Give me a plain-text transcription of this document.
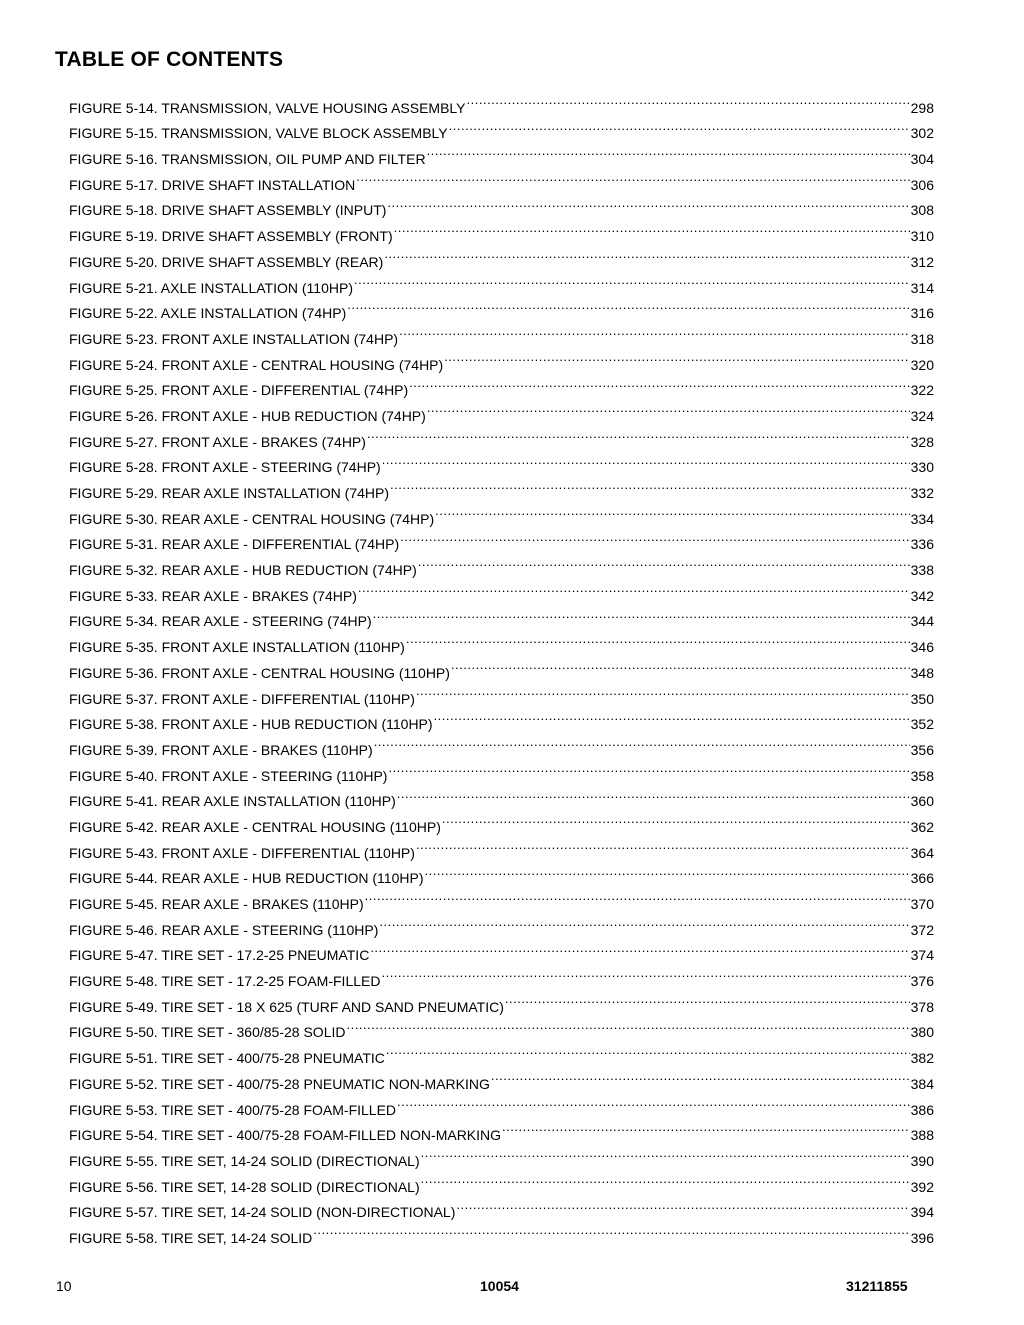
TABLE OF CONTENTS
FIGURE 5-14. TRANSMISSION, VALVE HOUSING ASSEMBLY .....	298
FIGURE 5-15. TRANSMISSION, VALVE BLOCK ASSEMBLY .....	302
FIGURE 5-16. TRANSMISSION, OIL PUMP AND FILTER .....	304
FIGURE 5-17. DRIVE SHAFT INSTALLATION .....	306
FIGURE 5-18. DRIVE SHAFT ASSEMBLY (INPUT) .....	308
FIGURE 5-19. DRIVE SHAFT ASSEMBLY (FRONT) .....	310
FIGURE 5-20. DRIVE SHAFT ASSEMBLY (REAR) .....	312
FIGURE 5-21. AXLE INSTALLATION (110HP) .....	314
FIGURE 5-22. AXLE INSTALLATION (74HP) .....	316
FIGURE 5-23. FRONT AXLE INSTALLATION (74HP) .....	318
FIGURE 5-24. FRONT AXLE - CENTRAL HOUSING (74HP) .....	320
FIGURE 5-25. FRONT AXLE - DIFFERENTIAL (74HP) .....	322
FIGURE 5-26. FRONT AXLE - HUB REDUCTION (74HP) .....	324
FIGURE 5-27. FRONT AXLE - BRAKES (74HP) .....	328
FIGURE 5-28. FRONT AXLE - STEERING (74HP) .....	330
FIGURE 5-29. REAR AXLE INSTALLATION (74HP) .....	332
FIGURE 5-30. REAR AXLE - CENTRAL HOUSING (74HP) .....	334
FIGURE 5-31. REAR AXLE - DIFFERENTIAL (74HP) .....	336
FIGURE 5-32. REAR AXLE - HUB REDUCTION (74HP) .....	338
FIGURE 5-33. REAR AXLE - BRAKES (74HP) .....	342
FIGURE 5-34. REAR AXLE - STEERING (74HP) .....	344
FIGURE 5-35. FRONT AXLE INSTALLATION (110HP) .....	346
FIGURE 5-36. FRONT AXLE - CENTRAL HOUSING (110HP) .....	348
FIGURE 5-37. FRONT AXLE - DIFFERENTIAL (110HP) .....	350
FIGURE 5-38. FRONT AXLE - HUB REDUCTION (110HP) .....	352
FIGURE 5-39. FRONT AXLE - BRAKES (110HP) .....	356
FIGURE 5-40. FRONT AXLE - STEERING (110HP) .....	358
FIGURE 5-41. REAR AXLE INSTALLATION (110HP) .....	360
FIGURE 5-42. REAR AXLE - CENTRAL HOUSING (110HP) .....	362
FIGURE 5-43. FRONT AXLE - DIFFERENTIAL (110HP) .....	364
FIGURE 5-44. REAR AXLE - HUB REDUCTION (110HP) .....	366
FIGURE 5-45. REAR AXLE - BRAKES (110HP) .....	370
FIGURE 5-46. REAR AXLE - STEERING (110HP) .....	372
FIGURE 5-47. TIRE SET - 17.2-25 PNEUMATIC .....	374
FIGURE 5-48. TIRE SET - 17.2-25 FOAM-FILLED .....	376
FIGURE 5-49. TIRE SET - 18 X 625 (TURF AND SAND PNEUMATIC) .....	378
FIGURE 5-50. TIRE SET - 360/85-28 SOLID .....	380
FIGURE 5-51. TIRE SET - 400/75-28 PNEUMATIC .....	382
FIGURE 5-52. TIRE SET - 400/75-28 PNEUMATIC NON-MARKING .....	384
FIGURE 5-53. TIRE SET - 400/75-28 FOAM-FILLED .....	386
FIGURE 5-54. TIRE SET - 400/75-28 FOAM-FILLED NON-MARKING .....	388
FIGURE 5-55. TIRE SET, 14-24 SOLID (DIRECTIONAL) .....	390
FIGURE 5-56. TIRE SET, 14-28 SOLID (DIRECTIONAL) .....	392
FIGURE 5-57. TIRE SET, 14-24 SOLID (NON-DIRECTIONAL) .....	394
FIGURE 5-58. TIRE SET, 14-24 SOLID .....	396
10	10054	31211855
